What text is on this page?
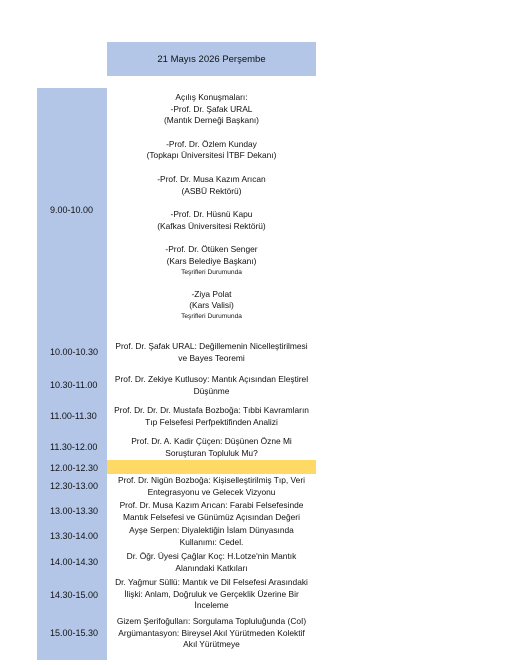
21 Mayıs 2026 Perşembe
9.00-10.00
10.00-10.30
10.30-11.00
11.00-11.30
11.30-12.00
12.00-12.30
12.30-13.00
13.00-13.30
13.30-14.00
14.00-14.30
14.30-15.00
15.00-15.30
Açılış Konuşmaları:
-Prof. Dr. Şafak URAL
(Mantık Derneği Başkanı)
-Prof. Dr. Özlem Kunday
(Topkapı Üniversitesi İTBF Dekanı)
-Prof. Dr. Musa Kazım Arıcan
(ASBÜ Rektörü)
-Prof. Dr. Hüsnü Kapu
(Kafkas Üniversitesi Rektörü)
-Prof. Dr. Ötüken Senger
(Kars Belediye Başkanı)
Teşrifleri Durumunda
-Ziya Polat
(Kars Valisi)
Teşrifleri Durumunda
Prof. Dr. Şafak URAL: Değillemenin Nicelleştirilmesi
ve Bayes Teoremi
Prof. Dr. Zekiye Kutlusoy: Mantık Açısından Eleştirel
Düşünme
Prof. Dr. Dr. Dr. Mustafa Bozboğa: Tıbbi Kavramların
Tıp Felsefesi Perfpektifinden Analizi
Prof. Dr. A. Kadir Çüçen: Düşünen Özne Mi
Soruşturan Topluluk Mu?
Prof. Dr. Nigün Bozboğa: Kişiselleştirilmiş Tıp, Veri
Entegrasyonu ve Gelecek Vizyonu
Prof. Dr. Musa Kazım Arıcan: Farabi Felsefesinde
Mantık Felsefesi ve Günümüz Açısından Değeri
Ayşe Serpen: Diyalektiğin İslam Dünyasında
Kullanımı: Cedel.
Dr. Öğr. Üyesi Çağlar Koç: H.Lotze'nin Mantık
Alanındaki Katkıları
Dr. Yağmur Süllü: Mantık ve Dil Felsefesi Arasındaki
İlişki: Anlam, Doğruluk ve Gerçeklik Üzerine Bir
İnceleme
Gizem Şerifoğulları: Sorgulama Topluluğunda (CoI)
Argümantasyon: Bireysel Akıl Yürütmeden Kolektif
Akıl Yürütmeye
